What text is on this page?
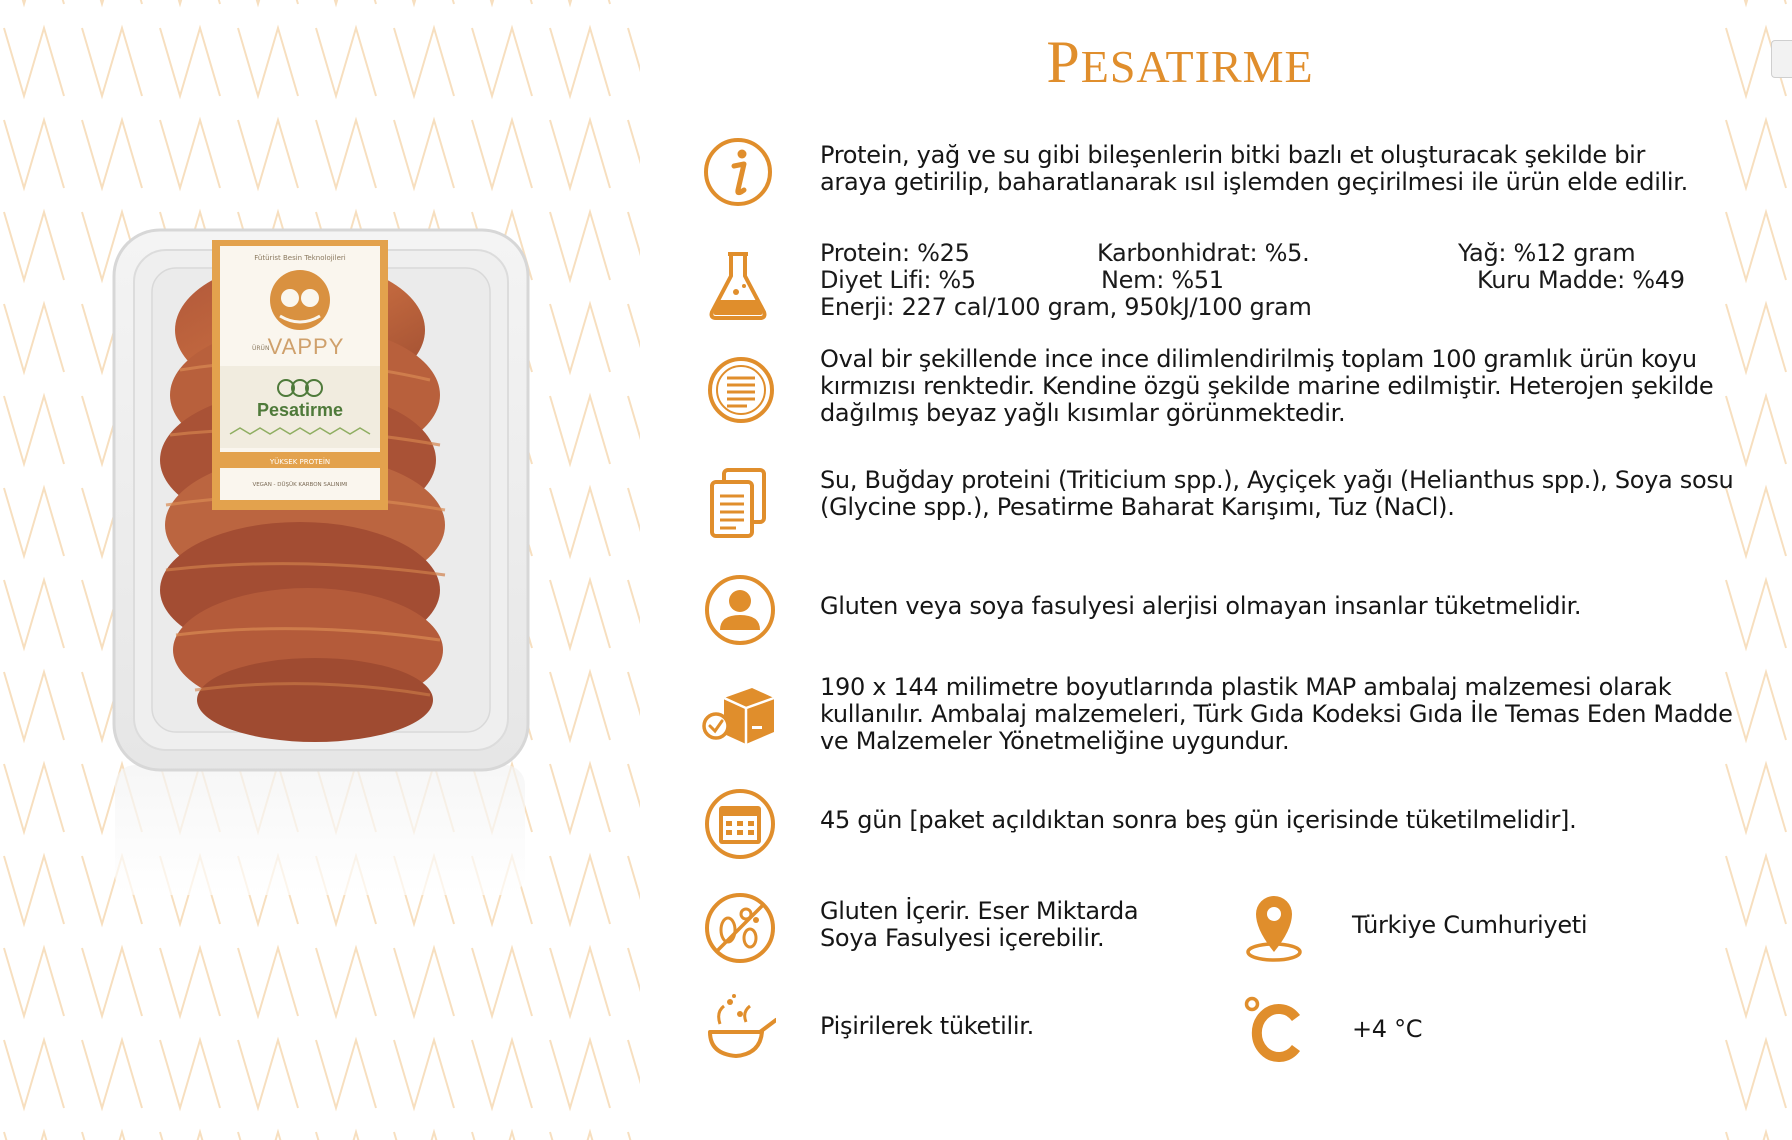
Fütürist Besin Teknolojileri
ÜRÜN
VAPPY
Pesatirme
YÜKSEK PROTEİN
VEGAN - DÜŞÜK KARBON SALINIMI
PESATIRME
Protein, yağ ve su gibi bileşenlerin bitki bazlı et oluşturacak şekilde bir araya getirilip, baharatlanarak ısıl işlemden geçirilmesi ile ürün elde edilir.
Protein: %25	Karbonhidrat: %5.	Yağ: %12 gram
Diyet Lifi: %5	Nem: %51	Kuru Madde: %49
Enerji: 227 cal/100 gram, 950kJ/100 gram
Oval bir şekillende ince ince dilimlendirilmiş toplam 100 gramlık ürün koyu kırmızısı renktedir. Kendine özgü şekilde marine edilmiştir. Heterojen şekilde dağılmış beyaz yağlı kısımlar görünmektedir.
Su, Buğday proteini (Triticium spp.), Ayçiçek yağı (Helianthus spp.), Soya sosu (Glycine spp.), Pesatirme Baharat Karışımı, Tuz (NaCl).
Gluten veya soya fasulyesi alerjisi olmayan insanlar tüketmelidir.
190 x 144 milimetre boyutlarında plastik MAP ambalaj malzemesi olarak kullanılır. Ambalaj malzemeleri, Türk Gıda Kodeksi Gıda İle Temas Eden Madde ve Malzemeler Yönetmeliğine uygundur.
45 gün [paket açıldıktan sonra beş gün içerisinde tüketilmelidir].
Gluten İçerir. Eser Miktarda Soya Fasulyesi içerebilir.	Türkiye Cumhuriyeti
Pişirilerek tüketilir.	+4 °C
